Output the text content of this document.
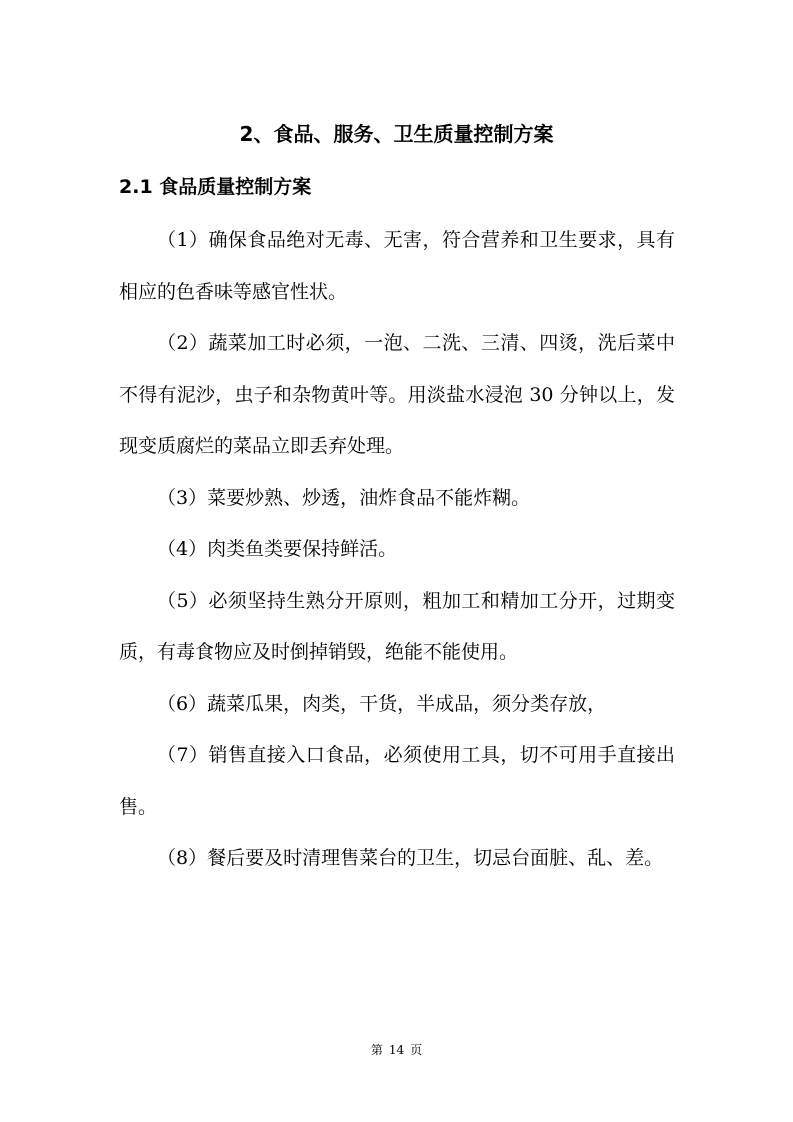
2、食品、服务、卫生质量控制方案
2.1 食品质量控制方案

（1）确保食品绝对无毒、无害，符合营养和卫生要求，具有相应的色香味等感官性状。

（2）蔬菜加工时必须，一泡、二洗、三清、四烫，洗后菜中不得有泥沙，虫子和杂物黄叶等。用淡盐水浸泡 30 分钟以上，发现变质腐烂的菜品立即丢弃处理。

（3）菜要炒熟、炒透，油炸食品不能炸糊。

（4）肉类鱼类要保持鲜活。

（5）必须坚持生熟分开原则，粗加工和精加工分开，过期变质，有毒食物应及时倒掉销毁，绝能不能使用。

（6）蔬菜瓜果，肉类，干货，半成品，须分类存放，

（7）销售直接入口食品，必须使用工具，切不可用手直接出售。

（8）餐后要及时清理售菜台的卫生，切忌台面脏、乱、差。

第 14 页
